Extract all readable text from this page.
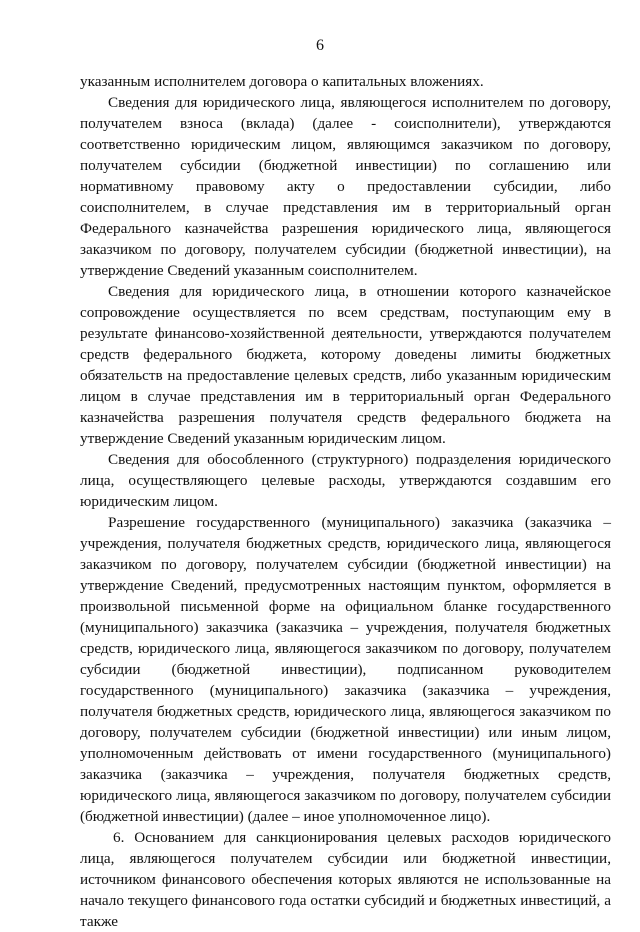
6

указанным исполнителем договора о капитальных вложениях.

Сведения для юридического лица, являющегося исполнителем по договору, получателем взноса (вклада) (далее - соисполнители), утверждаются соответственно юридическим лицом, являющимся заказчиком по договору, получателем субсидии (бюджетной инвестиции) по соглашению или нормативному правовому акту о предоставлении субсидии, либо соисполнителем, в случае представления им в территориальный орган Федерального казначейства разрешения юридического лица, являющегося заказчиком по договору, получателем субсидии (бюджетной инвестиции), на утверждение Сведений указанным соисполнителем.

Сведения для юридического лица, в отношении которого казначейское сопровождение осуществляется по всем средствам, поступающим ему в результате финансово-хозяйственной деятельности, утверждаются получателем средств федерального бюджета, которому доведены лимиты бюджетных обязательств на предоставление целевых средств, либо указанным юридическим лицом в случае представления им в территориальный орган Федерального казначейства разрешения получателя средств федерального бюджета на утверждение Сведений указанным юридическим лицом.

Сведения для обособленного (структурного) подразделения юридического лица, осуществляющего целевые расходы, утверждаются создавшим его юридическим лицом.

Разрешение государственного (муниципального) заказчика (заказчика – учреждения, получателя бюджетных средств, юридического лица, являющегося заказчиком по договору, получателем субсидии (бюджетной инвестиции) на утверждение Сведений, предусмотренных настоящим пунктом, оформляется в произвольной письменной форме на официальном бланке государственного (муниципального) заказчика (заказчика – учреждения, получателя бюджетных средств, юридического лица, являющегося заказчиком по договору, получателем субсидии (бюджетной инвестиции), подписанном руководителем государственного (муниципального) заказчика (заказчика – учреждения, получателя бюджетных средств, юридического лица, являющегося заказчиком по договору, получателем субсидии (бюджетной инвестиции) или иным лицом, уполномоченным действовать от имени государственного (муниципального) заказчика (заказчика – учреждения, получателя бюджетных средств, юридического лица, являющегося заказчиком по договору, получателем субсидии (бюджетной инвестиции) (далее – иное уполномоченное лицо).

6. Основанием для санкционирования целевых расходов юридического лица, являющегося получателем субсидии или бюджетной инвестиции, источником финансового обеспечения которых являются не использованные на начало текущего финансового года остатки субсидий и бюджетных инвестиций, а также
